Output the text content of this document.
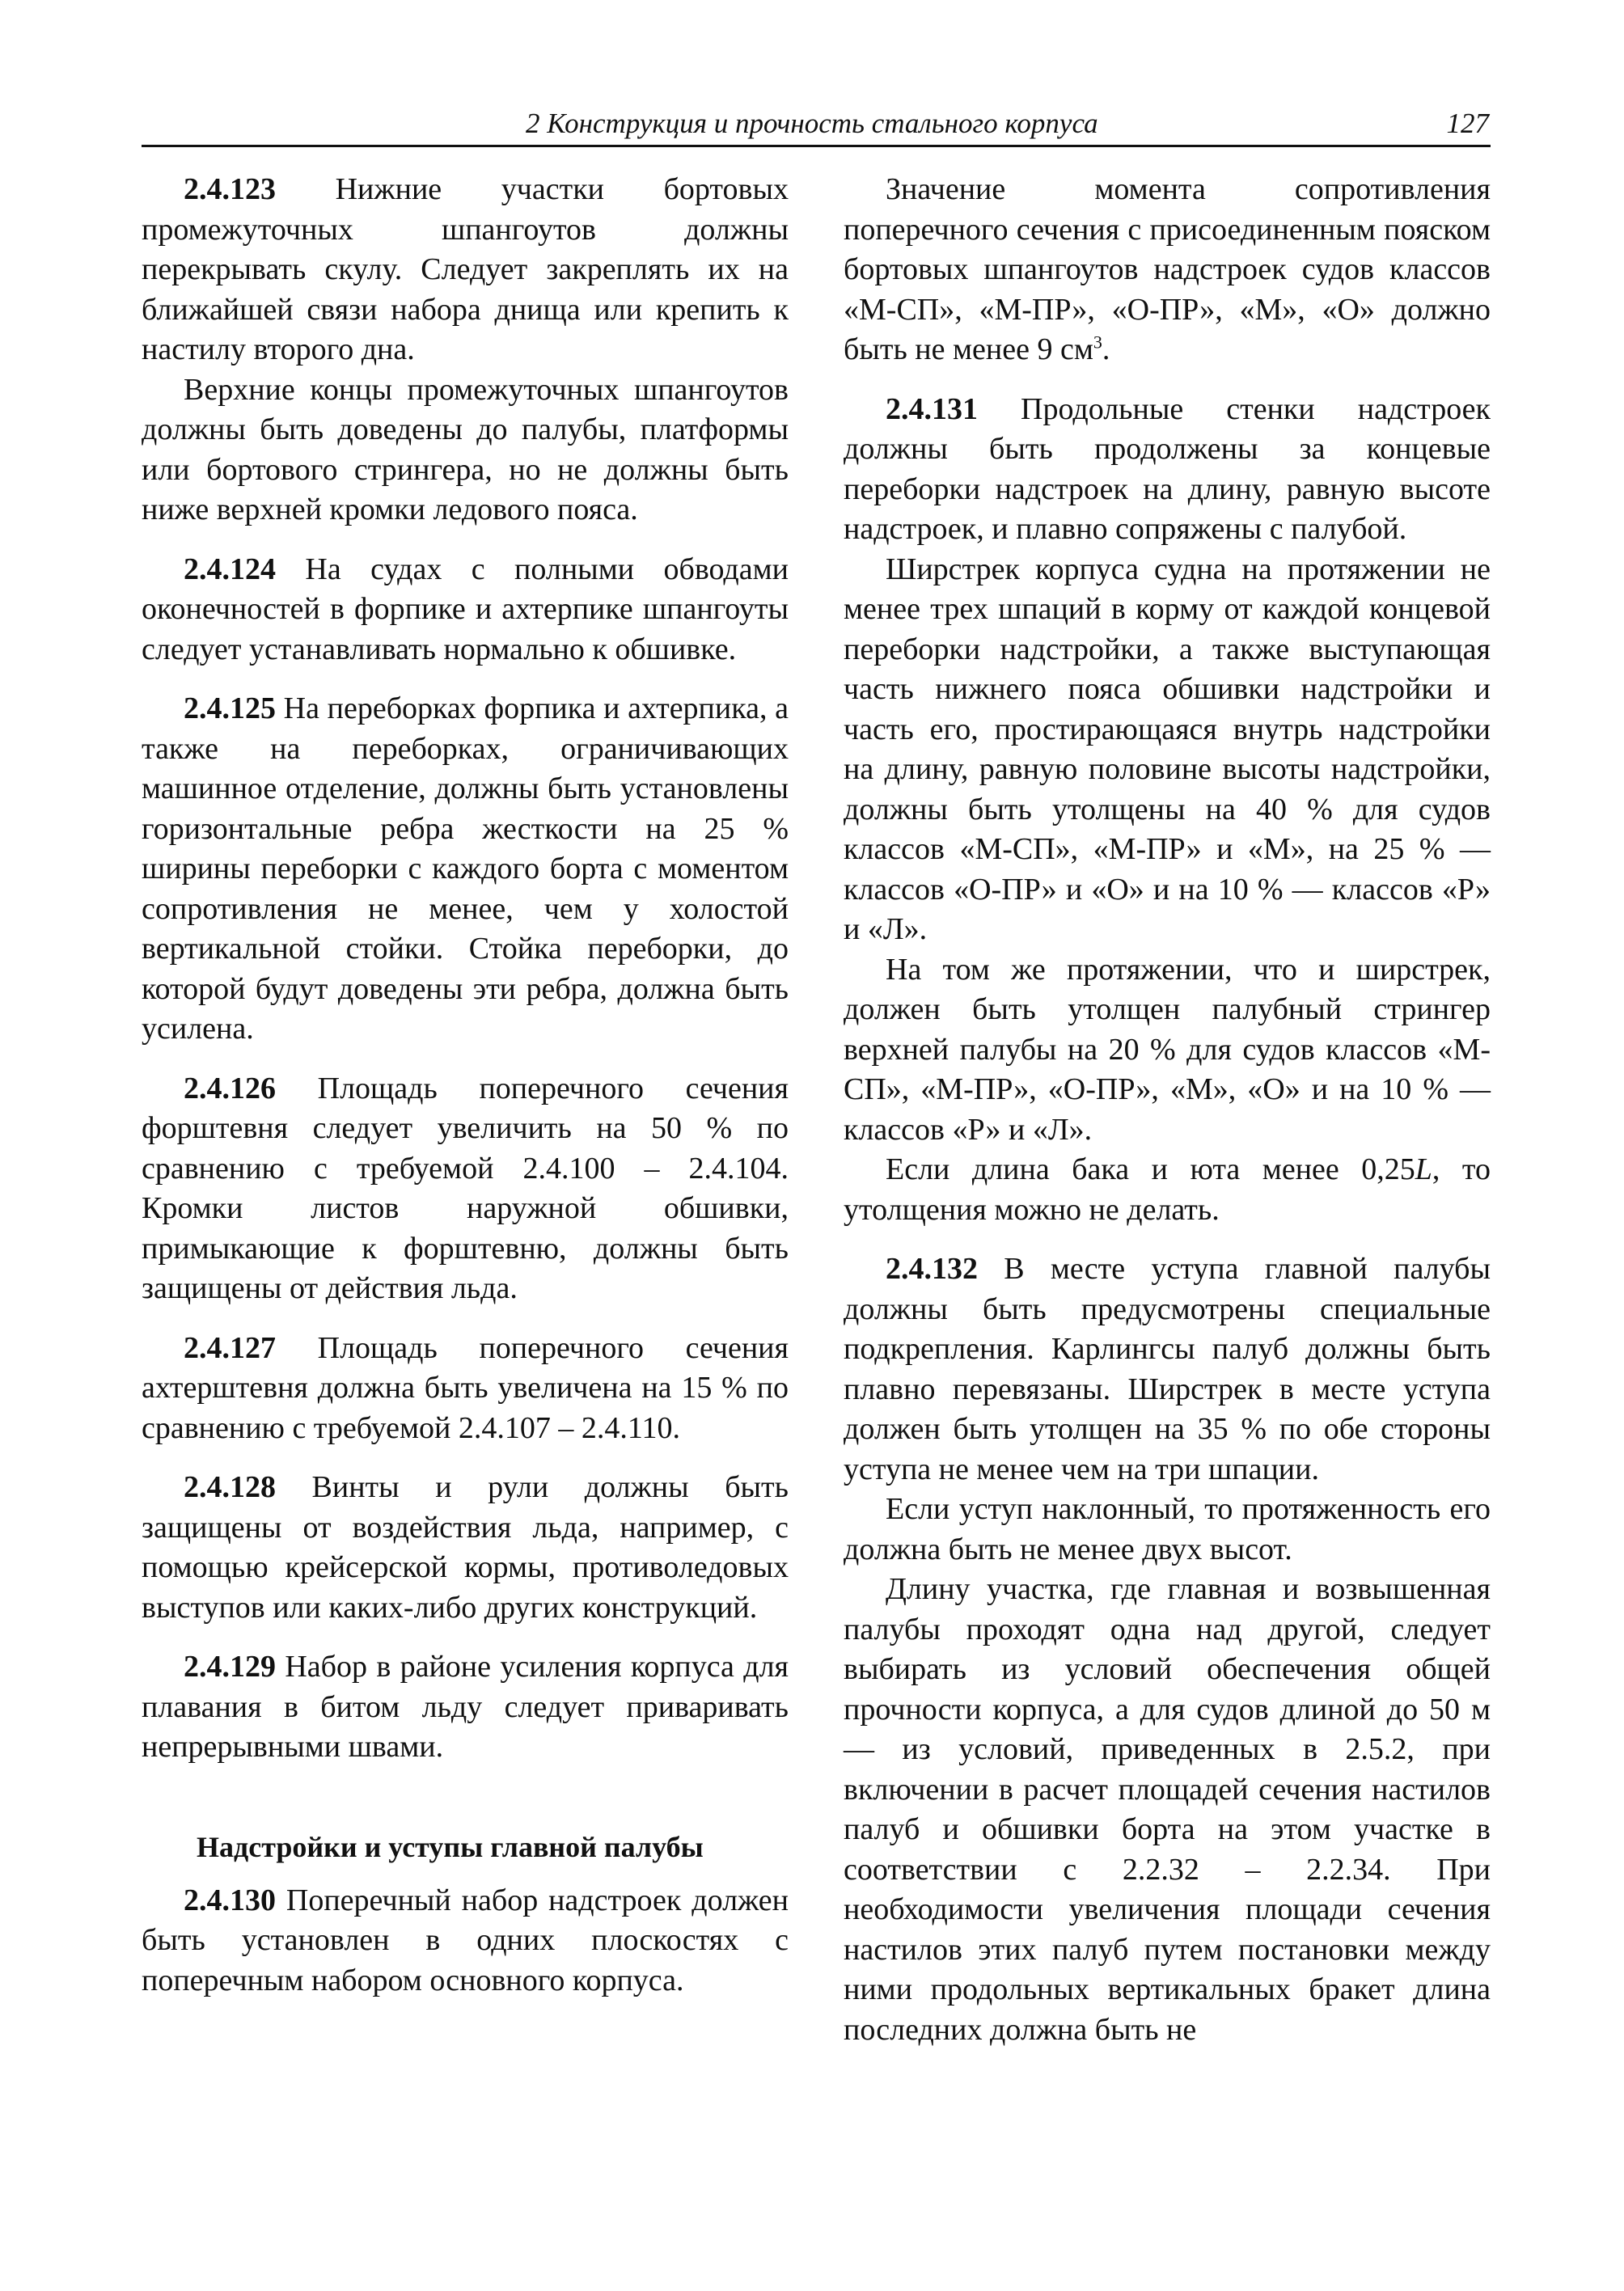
2 Конструкция и прочность стального корпуса	127

2.4.123 Нижние участки бортовых промежуточных шпангоутов должны перекрывать скулу. Следует закреплять их на ближайшей связи набора днища или крепить к настилу второго дна.

Верхние концы промежуточных шпангоутов должны быть доведены до палубы, платформы или бортового стрингера, но не должны быть ниже верхней кромки ледового пояса.

2.4.124 На судах с полными обводами оконечностей в форпике и ахтерпике шпангоуты следует устанавливать нормально к обшивке.

2.4.125 На переборках форпика и ахтерпика, а также на переборках, ограничивающих машинное отделение, должны быть установлены горизонтальные ребра жесткости на 25 % ширины переборки с каждого борта с моментом сопротивления не менее, чем у холостой вертикальной стойки. Стойка переборки, до которой будут доведены эти ребра, должна быть усилена.

2.4.126 Площадь поперечного сечения форштевня следует увеличить на 50 % по сравнению с требуемой 2.4.100 – 2.4.104. Кромки листов наружной обшивки, примыкающие к форштевню, должны быть защищены от действия льда.

2.4.127 Площадь поперечного сечения ахтерштевня должна быть увеличена на 15 % по сравнению с требуемой 2.4.107 – 2.4.110.

2.4.128 Винты и рули должны быть защищены от воздействия льда, например, с помощью крейсерской кормы, противоледовых выступов или каких-либо других конструкций.

2.4.129 Набор в районе усиления корпуса для плавания в битом льду следует приваривать непрерывными швами.

Надстройки и уступы главной палубы

2.4.130 Поперечный набор надстроек должен быть установлен в одних плоскостях с поперечным набором основного корпуса.

Значение момента сопротивления поперечного сечения с присоединенным пояском бортовых шпангоутов надстроек судов классов «М-СП», «М-ПР», «О-ПР», «М», «О» должно быть не менее 9 $см^3$.

2.4.131 Продольные стенки надстроек должны быть продолжены за концевые переборки надстроек на длину, равную высоте надстроек, и плавно сопряжены с палубой.

Ширстрек корпуса судна на протяжении не менее трех шпаций в корму от каждой концевой переборки надстройки, а также выступающая часть нижнего пояса обшивки надстройки и часть его, простирающаяся внутрь надстройки на длину, равную половине высоты надстройки, должны быть утолщены на 40 % для судов классов «М-СП», «М-ПР» и «М», на 25 % — классов «О-ПР» и «О» и на 10 % — классов «Р» и «Л».

На том же протяжении, что и ширстрек, должен быть утолщен палубный стрингер верхней палубы на 20 % для судов классов «М-СП», «М-ПР», «О-ПР», «М», «О» и на 10 % — классов «Р» и «Л».

Если длина бака и юта менее 0,25L, то утолщения можно не делать.

2.4.132 В месте уступа главной палубы должны быть предусмотрены специальные подкрепления. Карлингсы палуб должны быть плавно перевязаны. Ширстрек в месте уступа должен быть утолщен на 35 % по обе стороны уступа не менее чем на три шпации.

Если уступ наклонный, то протяженность его должна быть не менее двух высот.

Длину участка, где главная и возвышенная палубы проходят одна над другой, следует выбирать из условий обеспечения общей прочности корпуса, а для судов длиной до 50 м — из условий, приведенных в 2.5.2, при включении в расчет площадей сечения настилов палуб и обшивки борта на этом участке в соответствии с 2.2.32 – 2.2.34. При необходимости увеличения площади сечения настилов этих палуб путем постановки между ними продольных вертикальных бракет длина последних должна быть не
